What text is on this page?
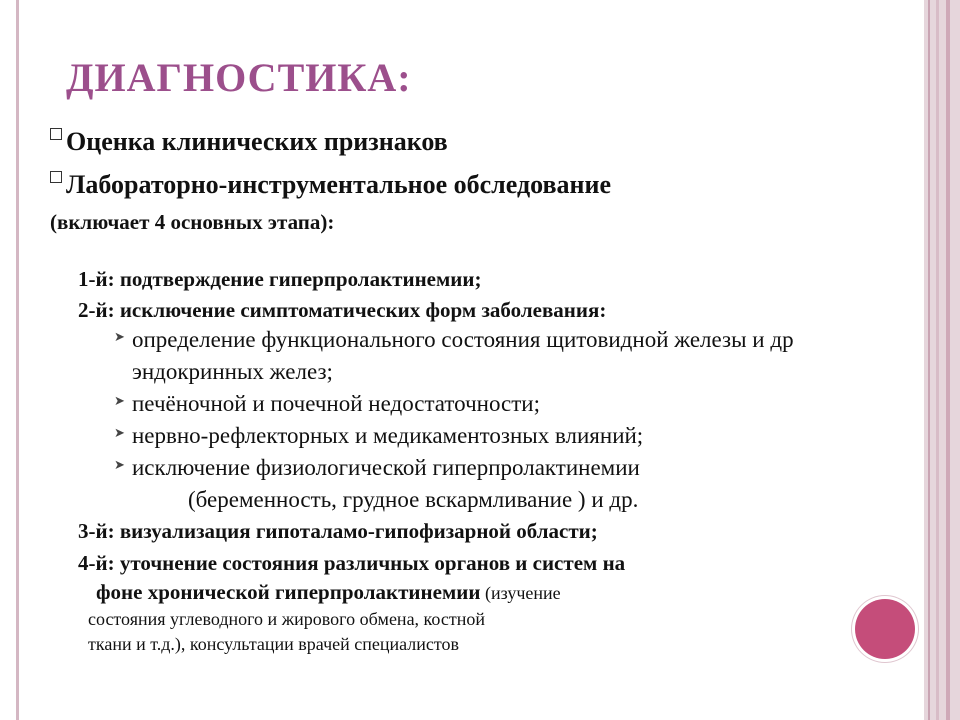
ДИАГНОСТИКА:
Оценка клинических признаков
Лабораторно-инструментальное обследование
(включает 4 основных этапа):
1-й: подтверждение гиперпролактинемии;
2-й: исключение симптоматических форм заболевания:
➤ определение функционального состояния щитовидной железы и др
эндокринных желез;
➤ печёночной и почечной недостаточности;
➤ нервно-рефлекторных и медикаментозных влияний;
➤ исключение физиологической гиперпролактинемии
(беременность, грудное вскармливание ) и др.
3-й: визуализация гипоталамо-гипофизарной области;
4-й: уточнение состояния различных органов и систем на
фоне хронической гиперпролактинемии (изучение
состояния углеводного и жирового обмена, костной
ткани и т.д.), консультации врачей специалистов
